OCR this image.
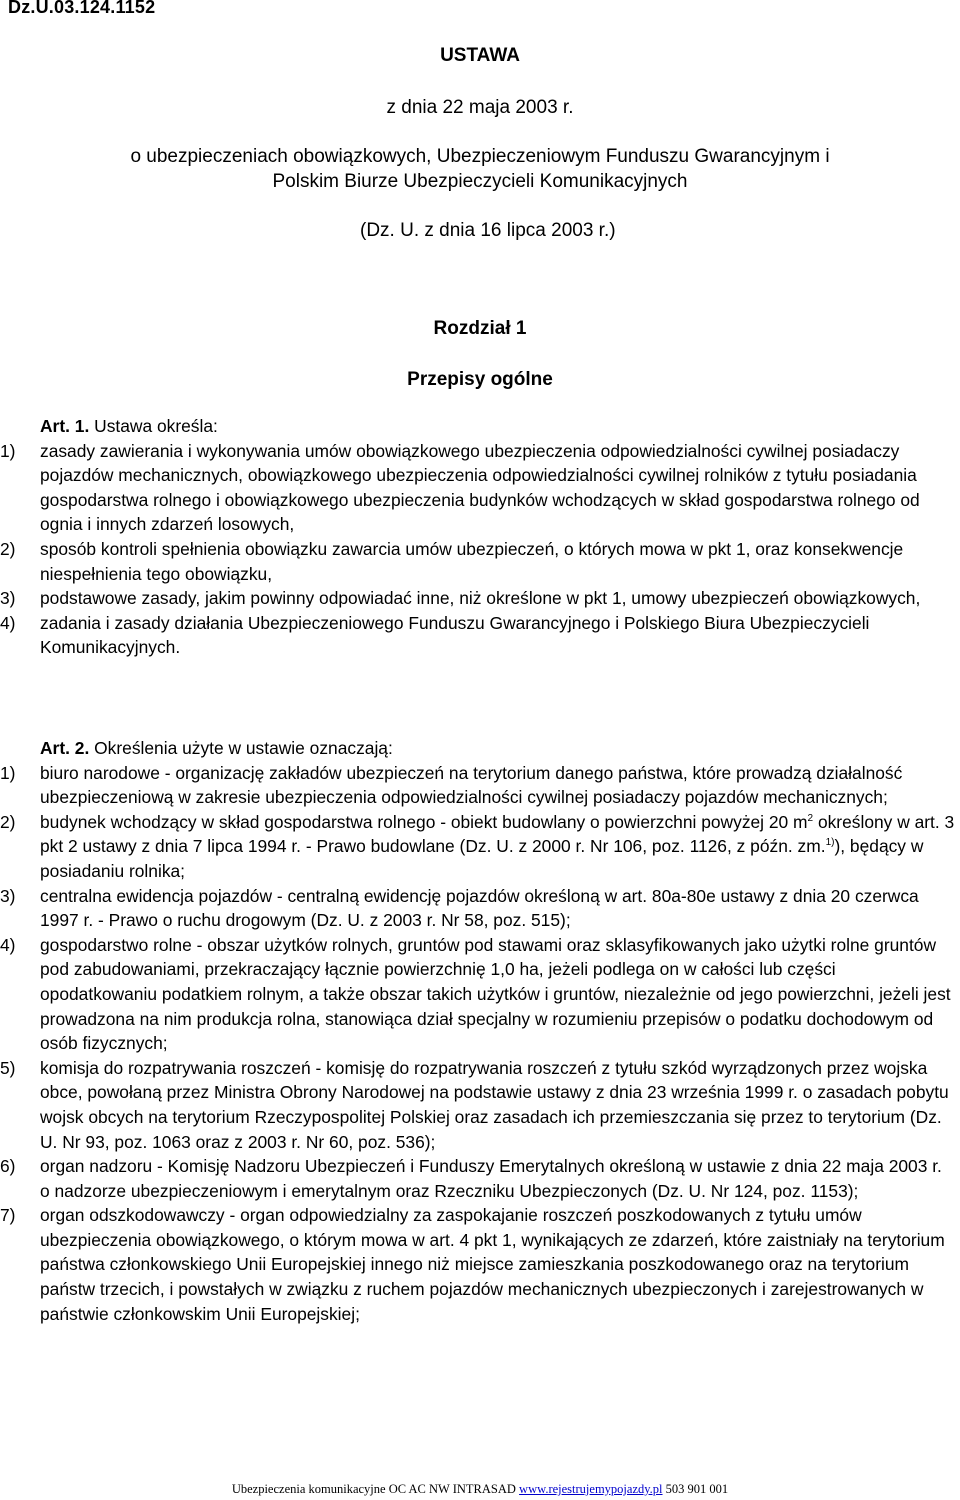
Dz.U.03.124.1152
USTAWA
z dnia 22 maja 2003 r.
o ubezpieczeniach obowiązkowych, Ubezpieczeniowym Funduszu Gwarancyjnym i
Polskim Biurze Ubezpieczycieli Komunikacyjnych
(Dz. U. z dnia 16 lipca 2003 r.)
Rozdział 1
Przepisy ogólne
Art. 1. Ustawa określa:
1)	zasady zawierania i wykonywania umów obowiązkowego ubezpieczenia odpowiedzialności cywilnej posiadaczy pojazdów mechanicznych, obowiązkowego ubezpieczenia odpowiedzialności cywilnej rolników z tytułu posiadania gospodarstwa rolnego i obowiązkowego ubezpieczenia budynków wchodzących w skład gospodarstwa rolnego od ognia i innych zdarzeń losowych,
2)	sposób kontroli spełnienia obowiązku zawarcia umów ubezpieczeń, o których mowa w pkt 1, oraz konsekwencje niespełnienia tego obowiązku,
3)	podstawowe zasady, jakim powinny odpowiadać inne, niż określone w pkt 1, umowy ubezpieczeń obowiązkowych,
4)	zadania i zasady działania Ubezpieczeniowego Funduszu Gwarancyjnego i Polskiego Biura Ubezpieczycieli Komunikacyjnych.
Art. 2. Określenia użyte w ustawie oznaczają:
1)	biuro narodowe - organizację zakładów ubezpieczeń na terytorium danego państwa, które prowadzą działalność ubezpieczeniową w zakresie ubezpieczenia odpowiedzialności cywilnej posiadaczy pojazdów mechanicznych;
2)	budynek wchodzący w skład gospodarstwa rolnego - obiekt budowlany o powierzchni powyżej 20 $m^2$ określony w art. 3 pkt 2 ustawy z dnia 7 lipca 1994 r. - Prawo budowlane (Dz. U. z 2000 r. Nr 106, poz. 1126, z późn. zm.$^{1)}$), będący w posiadaniu rolnika;
3)	centralna ewidencja pojazdów - centralną ewidencję pojazdów określoną w art. 80a-80e ustawy z dnia 20 czerwca 1997 r. - Prawo o ruchu drogowym (Dz. U. z 2003 r. Nr 58, poz. 515);
4)	gospodarstwo rolne - obszar użytków rolnych, gruntów pod stawami oraz sklasyfikowanych jako użytki rolne gruntów pod zabudowaniami, przekraczający łącznie powierzchnię 1,0 ha, jeżeli podlega on w całości lub części opodatkowaniu podatkiem rolnym, a także obszar takich użytków i gruntów, niezależnie od jego powierzchni, jeżeli jest prowadzona na nim produkcja rolna, stanowiąca dział specjalny w rozumieniu przepisów o podatku dochodowym od osób fizycznych;
5)	komisja do rozpatrywania roszczeń - komisję do rozpatrywania roszczeń z tytułu szkód wyrządzonych przez wojska obce, powołaną przez Ministra Obrony Narodowej na podstawie ustawy z dnia 23 września 1999 r. o zasadach pobytu wojsk obcych na terytorium Rzeczypospolitej Polskiej oraz zasadach ich przemieszczania się przez to terytorium (Dz. U. Nr 93, poz. 1063 oraz z 2003 r. Nr 60, poz. 536);
6)	organ nadzoru - Komisję Nadzoru Ubezpieczeń i Funduszy Emerytalnych określoną w ustawie z dnia 22 maja 2003 r. o nadzorze ubezpieczeniowym i emerytalnym oraz Rzeczniku Ubezpieczonych (Dz. U. Nr 124, poz. 1153);
7)	organ odszkodowawczy - organ odpowiedzialny za zaspokajanie roszczeń poszkodowanych z tytułu umów ubezpieczenia obowiązkowego, o którym mowa w art. 4 pkt 1, wynikających ze zdarzeń, które zaistniały na terytorium państwa członkowskiego Unii Europejskiej innego niż miejsce zamieszkania poszkodowanego oraz na terytorium państw trzecich, i powstałych w związku z ruchem pojazdów mechanicznych ubezpieczonych i zarejestrowanych w państwie członkowskim Unii Europejskiej;
Ubezpieczenia komunikacyjne OC AC NW INTRASAD www.rejestrujemypojazdy.pl 503 901 001
